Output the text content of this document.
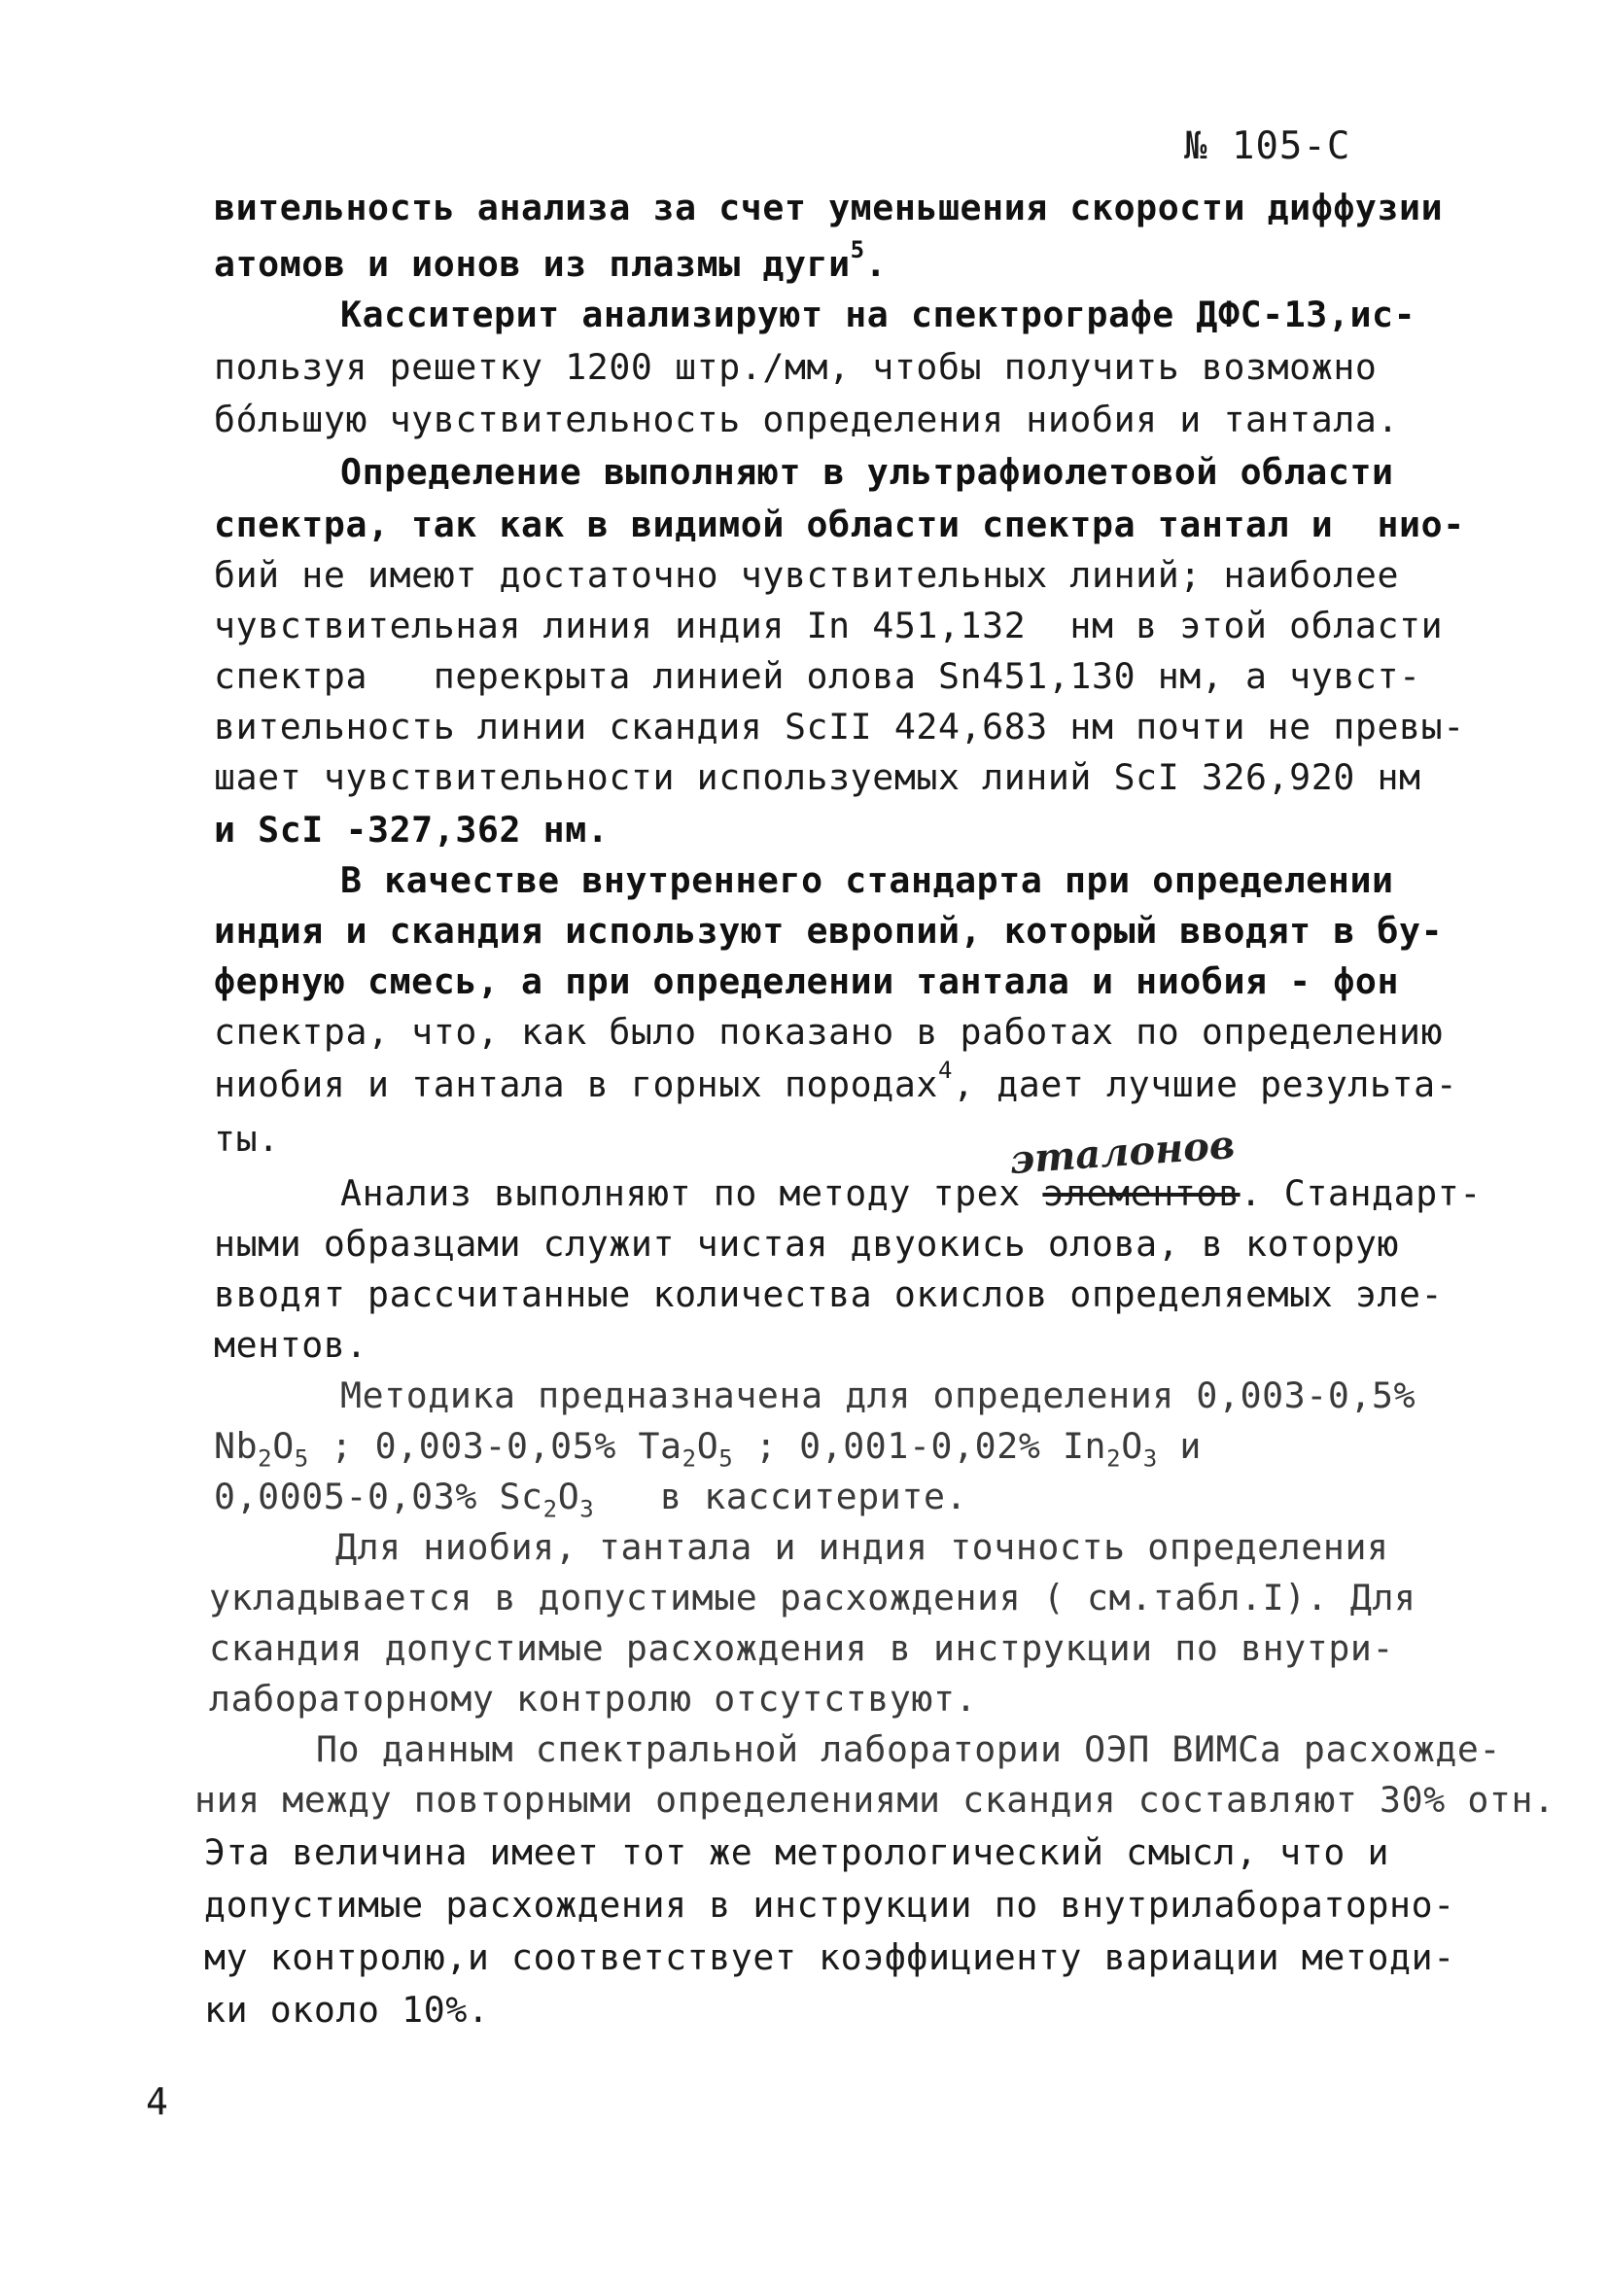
№ 105-С
вительность анализа за счет уменьшения скорости диффузии
атомов и ионов из плазмы дуги$^5$.
Касситерит анализируют на спектрографе ДФС-13,ис-
пользуя решетку 1200 штр./мм, чтобы получить возможно
бо́льшую чувствительность определения ниобия и тантала.
Определение выполняют в ультрафиолетовой области
спектра, так как в видимой области спектра тантал и  нио-
бий не имеют достаточно чувствительных линий; наиболее
чувствительная линия индия In 451,132  нм в этой области
спектра   перекрыта линией олова Sn451,130 нм, а чувст-
вительность линии скандия ScII 424,683 нм почти не превы-
шает чувствительности используемых линий ScI 326,920 нм
и ScI -327,362 нм.
В качестве внутреннего стандарта при определении
индия и скандия используют европий, который вводят в бу-
ферную смесь, а при определении тантала и ниобия - фон
спектра, что, как было показано в работах по определению
ниобия и тантала в горных породах$^4$, дает лучшие результа-
ты.	эталонов
Анализ выполняют по методу трех элементов. Стандарт-
ными образцами служит чистая двуокись олова, в которую
вводят рассчитанные количества окислов определяемых эле-
ментов.
Методика предназначена для определения 0,003-0,5%
$Nb_2O_5$ ; 0,003-0,05% $Ta_2O_5$ ; 0,001-0,02% $In_2O_3$ и
0,0005-0,03% $Sc_2O_3$   в касситерите.
Для ниобия, тантала и индия точность определения
укладывается в допустимые расхождения ( см.табл.I). Для
скандия допустимые расхождения в инструкции по внутри-
лабораторному контролю отсутствуют.
По данным спектральной лаборатории ОЭП ВИМСа расхожде-
ния между повторными определениями скандия составляют 30% отн.
Эта величина имеет тот же метрологический смысл, что и
допустимые расхождения в инструкции по внутрилабораторно-
му контролю,и соответствует коэффициенту вариации методи-
ки около 10%.
4
